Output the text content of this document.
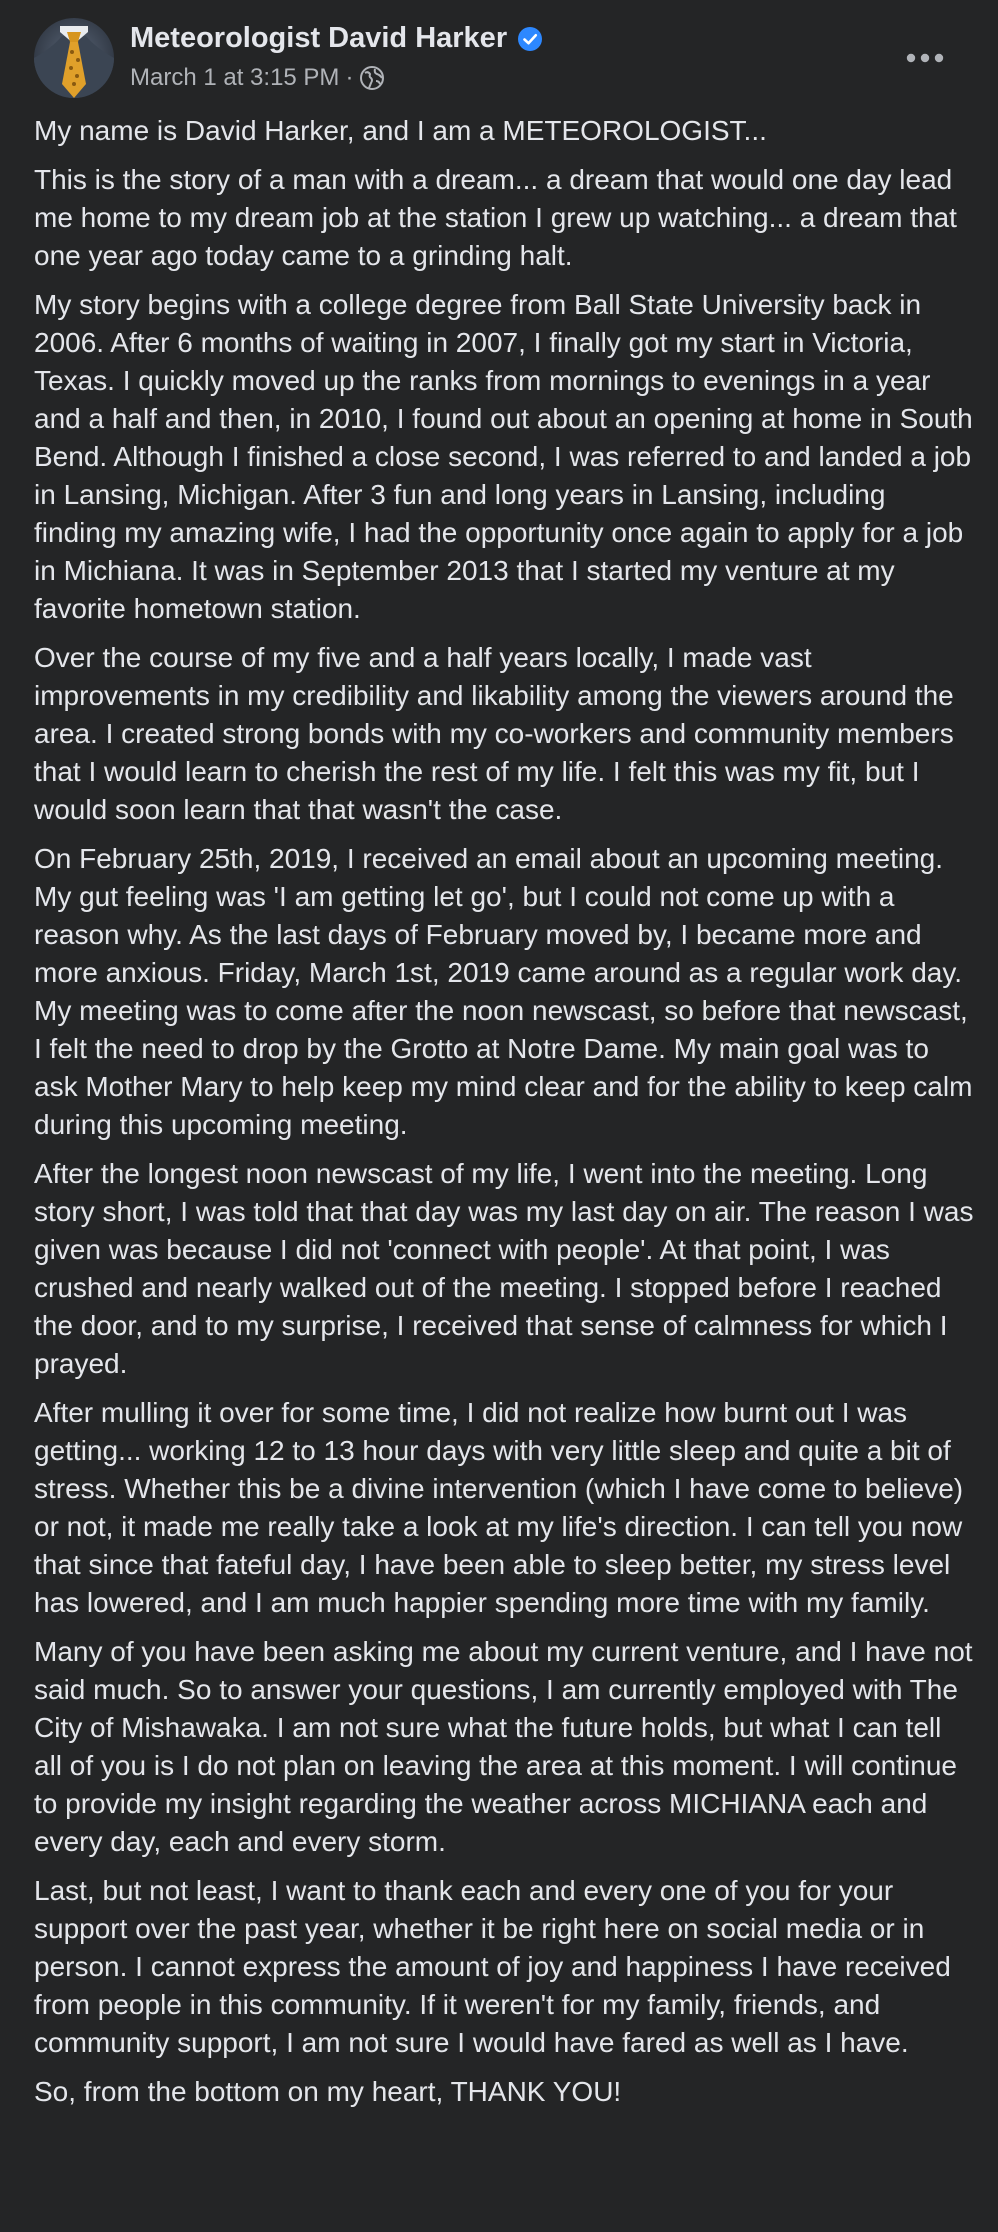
Meteorologist David Harker
March 1 at 3:15 PM ·

My name is David Harker, and I am a METEOROLOGIST...

This is the story of a man with a dream... a dream that would one day lead me home to my dream job at the station I grew up watching... a dream that one year ago today came to a grinding halt.

My story begins with a college degree from Ball State University back in 2006. After 6 months of waiting in 2007, I finally got my start in Victoria, Texas. I quickly moved up the ranks from mornings to evenings in a year and a half and then, in 2010, I found out about an opening at home in South Bend. Although I finished a close second, I was referred to and landed a job in Lansing, Michigan. After 3 fun and long years in Lansing, including finding my amazing wife, I had the opportunity once again to apply for a job in Michiana. It was in September 2013 that I started my venture at my favorite hometown station.

Over the course of my five and a half years locally, I made vast improvements in my credibility and likability among the viewers around the area. I created strong bonds with my co-workers and community members that I would learn to cherish the rest of my life. I felt this was my fit, but I would soon learn that that wasn't the case.

On February 25th, 2019, I received an email about an upcoming meeting. My gut feeling was 'I am getting let go', but I could not come up with a reason why. As the last days of February moved by, I became more and more anxious. Friday, March 1st, 2019 came around as a regular work day. My meeting was to come after the noon newscast, so before that newscast, I felt the need to drop by the Grotto at Notre Dame. My main goal was to ask Mother Mary to help keep my mind clear and for the ability to keep calm during this upcoming meeting.

After the longest noon newscast of my life, I went into the meeting. Long story short, I was told that that day was my last day on air. The reason I was given was because I did not 'connect with people'. At that point, I was crushed and nearly walked out of the meeting. I stopped before I reached the door, and to my surprise, I received that sense of calmness for which I prayed.

After mulling it over for some time, I did not realize how burnt out I was getting... working 12 to 13 hour days with very little sleep and quite a bit of stress. Whether this be a divine intervention (which I have come to believe) or not, it made me really take a look at my life's direction. I can tell you now that since that fateful day, I have been able to sleep better, my stress level has lowered, and I am much happier spending more time with my family.

Many of you have been asking me about my current venture, and I have not said much. So to answer your questions, I am currently employed with The City of Mishawaka. I am not sure what the future holds, but what I can tell all of you is I do not plan on leaving the area at this moment. I will continue to provide my insight regarding the weather across MICHIANA each and every day, each and every storm.

Last, but not least, I want to thank each and every one of you for your support over the past year, whether it be right here on social media or in person. I cannot express the amount of joy and happiness I have received from people in this community. If it weren't for my family, friends, and community support, I am not sure I would have fared as well as I have.

So, from the bottom on my heart, THANK YOU!
